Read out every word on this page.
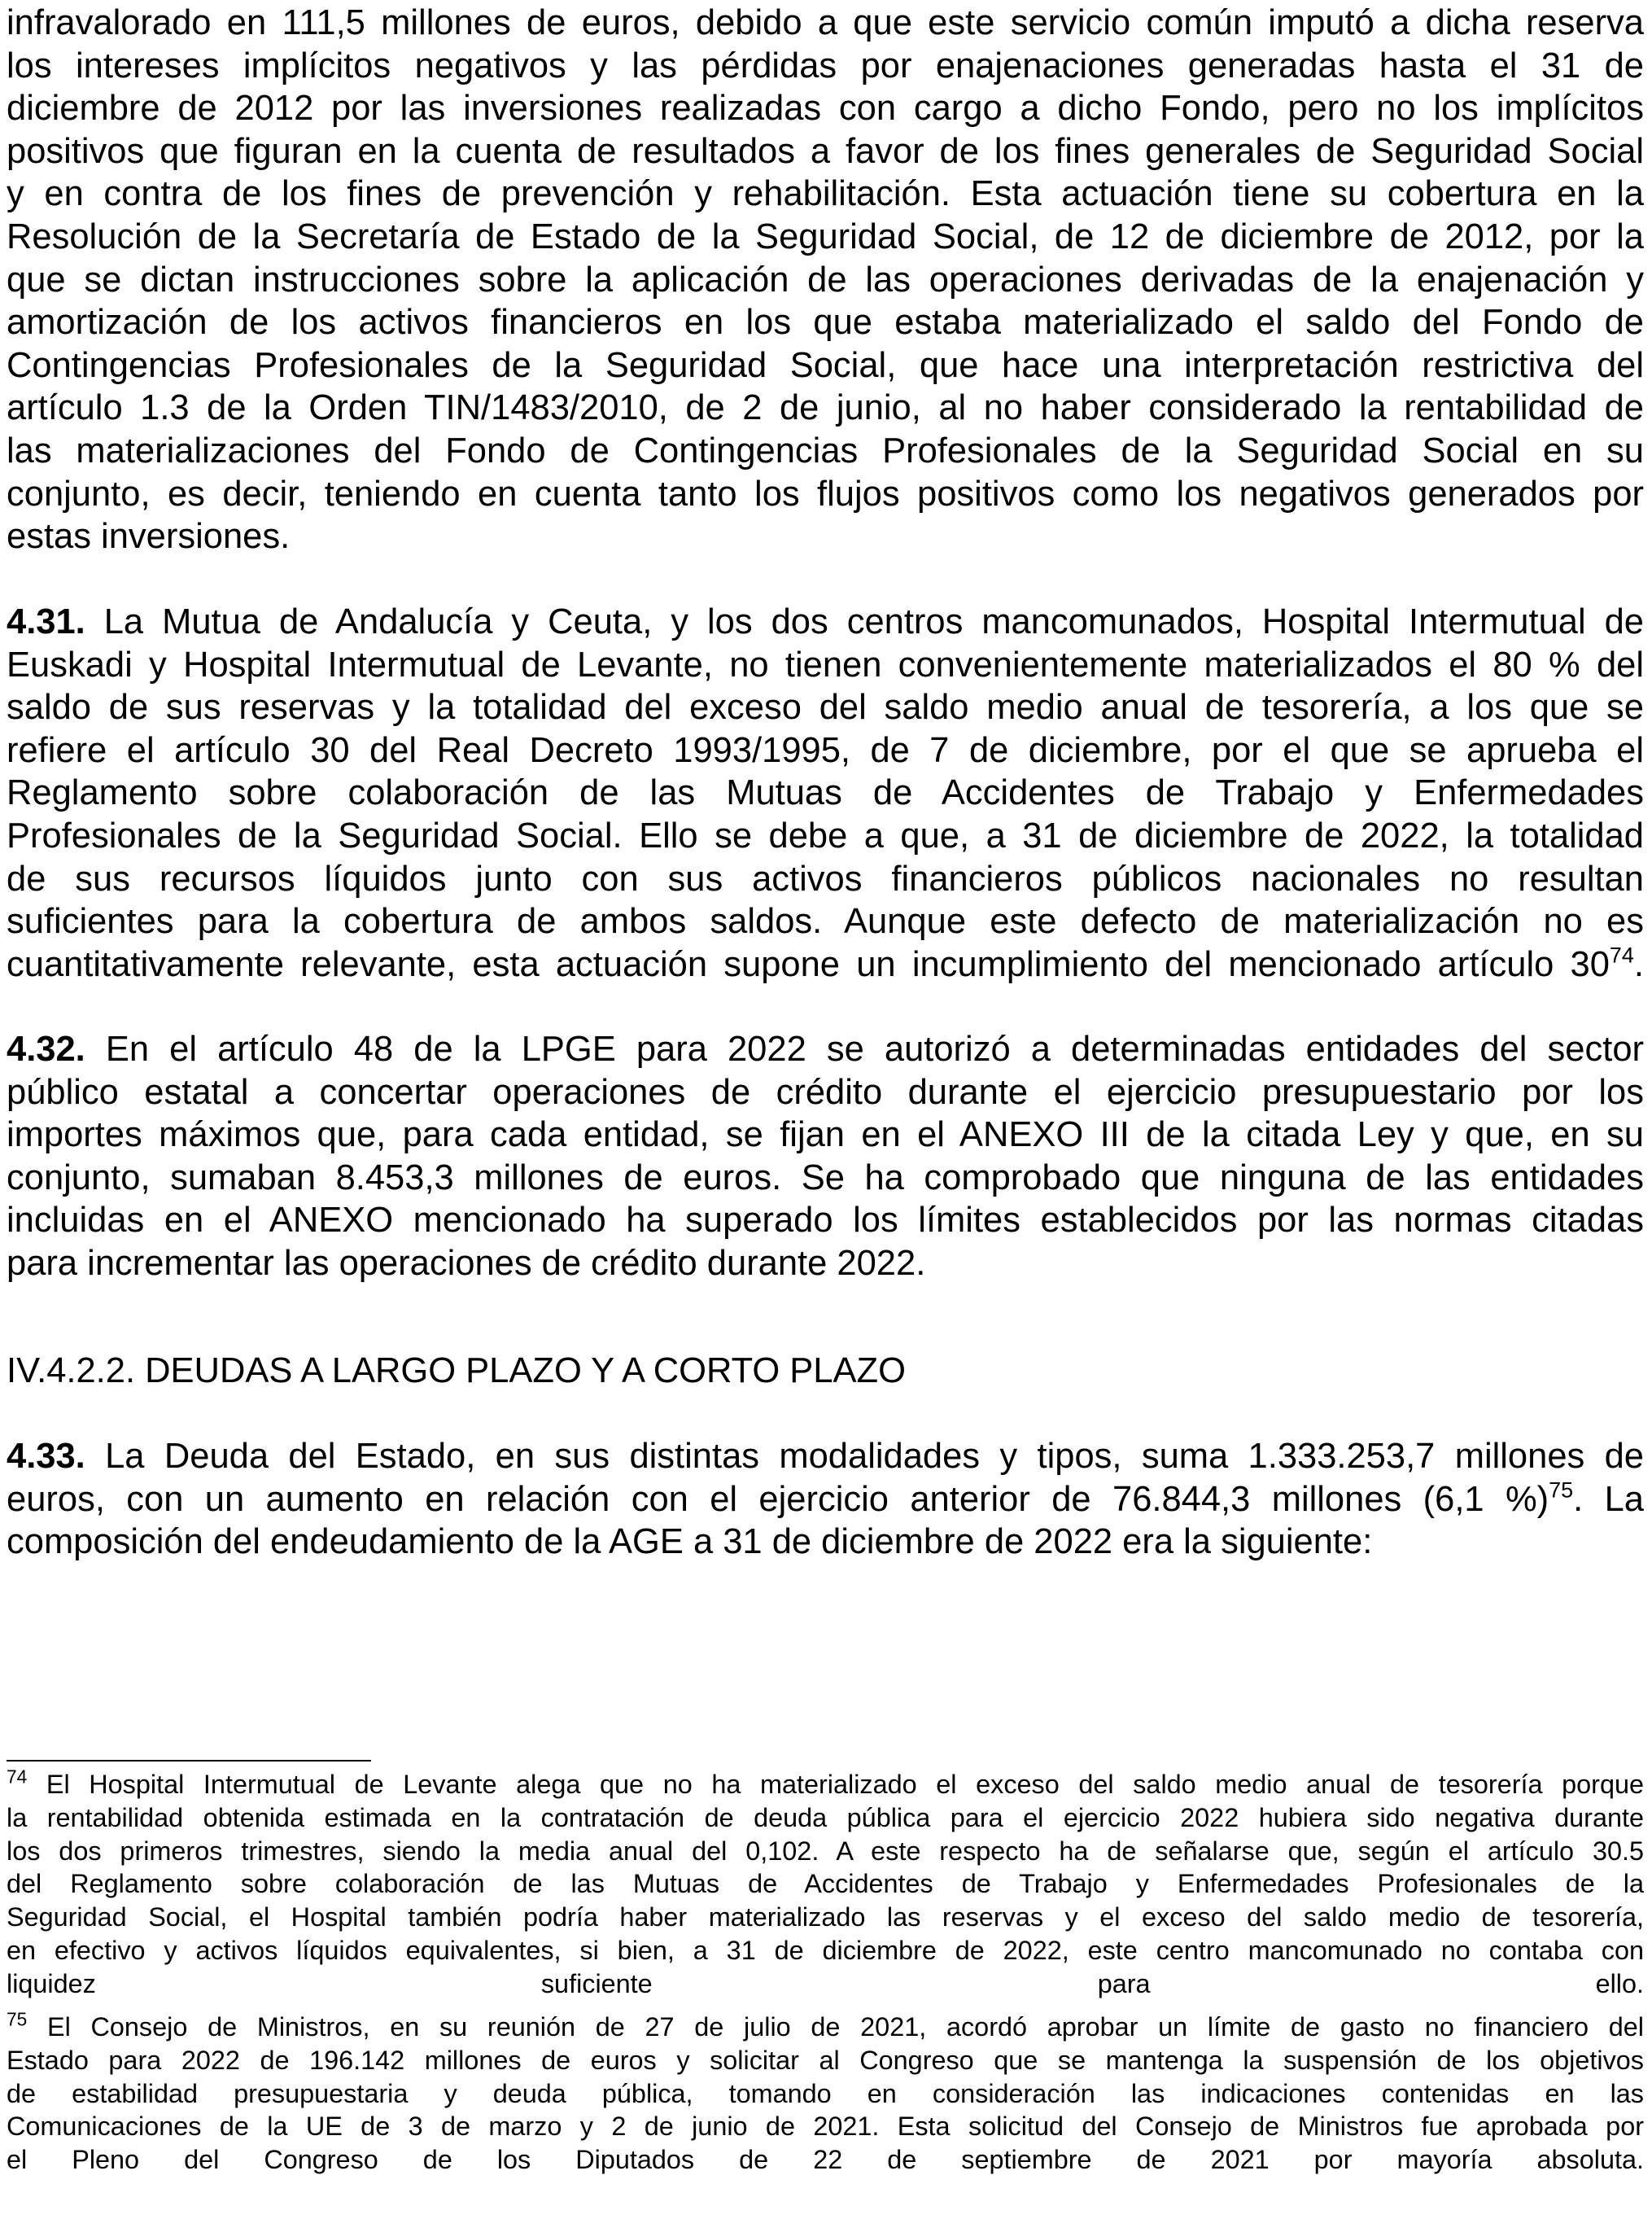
infravalorado en 111,5 millones de euros, debido a que este servicio común imputó a dicha reserva
los intereses implícitos negativos y las pérdidas por enajenaciones generadas hasta el 31 de
diciembre de 2012 por las inversiones realizadas con cargo a dicho Fondo, pero no los implícitos
positivos que figuran en la cuenta de resultados a favor de los fines generales de Seguridad Social
y en contra de los fines de prevención y rehabilitación. Esta actuación tiene su cobertura en la
Resolución de la Secretaría de Estado de la Seguridad Social, de 12 de diciembre de 2012, por la
que se dictan instrucciones sobre la aplicación de las operaciones derivadas de la enajenación y
amortización de los activos financieros en los que estaba materializado el saldo del Fondo de
Contingencias Profesionales de la Seguridad Social, que hace una interpretación restrictiva del
artículo 1.3 de la Orden TIN/1483/2010, de 2 de junio, al no haber considerado la rentabilidad de
las materializaciones del Fondo de Contingencias Profesionales de la Seguridad Social en su
conjunto, es decir, teniendo en cuenta tanto los flujos positivos como los negativos generados por
estas inversiones.
4.31. La Mutua de Andalucía y Ceuta, y los dos centros mancomunados, Hospital Intermutual de
Euskadi y Hospital Intermutual de Levante, no tienen convenientemente materializados el 80 % del
saldo de sus reservas y la totalidad del exceso del saldo medio anual de tesorería, a los que se
refiere el artículo 30 del Real Decreto 1993/1995, de 7 de diciembre, por el que se aprueba el
Reglamento sobre colaboración de las Mutuas de Accidentes de Trabajo y Enfermedades
Profesionales de la Seguridad Social. Ello se debe a que, a 31 de diciembre de 2022, la totalidad
de sus recursos líquidos junto con sus activos financieros públicos nacionales no resultan
suficientes para la cobertura de ambos saldos. Aunque este defecto de materialización no es
cuantitativamente relevante, esta actuación supone un incumplimiento del mencionado artículo $30^{74}$.
4.32. En el artículo 48 de la LPGE para 2022 se autorizó a determinadas entidades del sector
público estatal a concertar operaciones de crédito durante el ejercicio presupuestario por los
importes máximos que, para cada entidad, se fijan en el ANEXO III de la citada Ley y que, en su
conjunto, sumaban 8.453,3 millones de euros. Se ha comprobado que ninguna de las entidades
incluidas en el ANEXO mencionado ha superado los límites establecidos por las normas citadas
para incrementar las operaciones de crédito durante 2022.
IV.4.2.2. DEUDAS A LARGO PLAZO Y A CORTO PLAZO
4.33. La Deuda del Estado, en sus distintas modalidades y tipos, suma 1.333.253,7 millones de
euros, con un aumento en relación con el ejercicio anterior de 76.844,3 millones (6,1 %)$^{75}$. La
composición del endeudamiento de la AGE a 31 de diciembre de 2022 era la siguiente:
$^{74}$ El Hospital Intermutual de Levante alega que no ha materializado el exceso del saldo medio anual de tesorería porque
la rentabilidad obtenida estimada en la contratación de deuda pública para el ejercicio 2022 hubiera sido negativa durante
los dos primeros trimestres, siendo la media anual del 0,102. A este respecto ha de señalarse que, según el artículo 30.5
del Reglamento sobre colaboración de las Mutuas de Accidentes de Trabajo y Enfermedades Profesionales de la
Seguridad Social, el Hospital también podría haber materializado las reservas y el exceso del saldo medio de tesorería,
en efectivo y activos líquidos equivalentes, si bien, a 31 de diciembre de 2022, este centro mancomunado no contaba con
liquidez suficiente para ello.
$^{75}$ El Consejo de Ministros, en su reunión de 27 de julio de 2021, acordó aprobar un límite de gasto no financiero del
Estado para 2022 de 196.142 millones de euros y solicitar al Congreso que se mantenga la suspensión de los objetivos
de estabilidad presupuestaria y deuda pública, tomando en consideración las indicaciones contenidas en las
Comunicaciones de la UE de 3 de marzo y 2 de junio de 2021. Esta solicitud del Consejo de Ministros fue aprobada por
el Pleno del Congreso de los Diputados de 22 de septiembre de 2021 por mayoría absoluta.
